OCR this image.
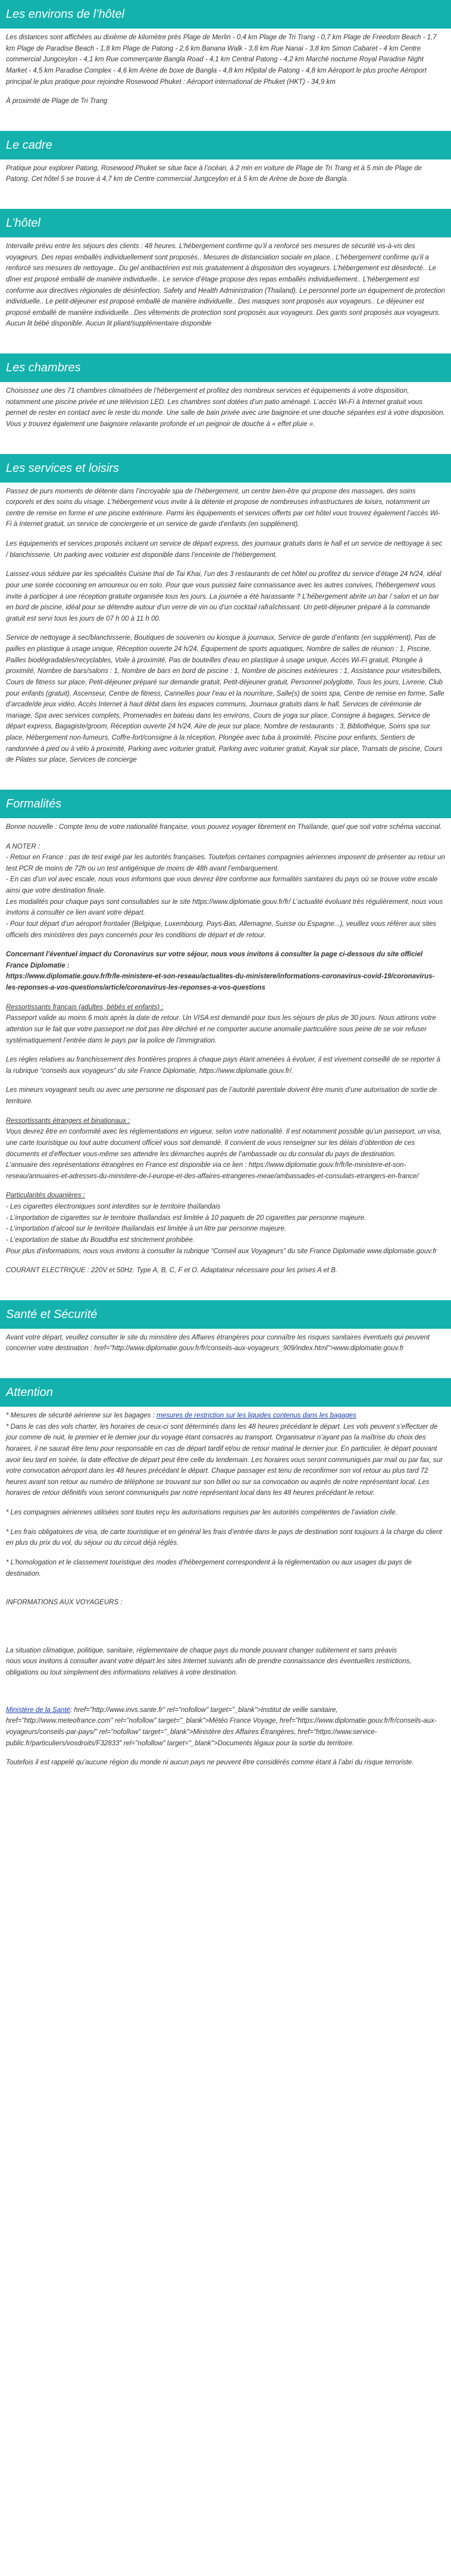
Les environs de l’hôtel

Les distances sont affichées au dixième de kilomètre près Plage de Merlin - 0,4 km Plage de Tri Trang - 0,7 km Plage de Freedom Beach - 1,7 km Plage de Paradise Beach - 1,8 km Plage de Patong - 2,6 km Banana Walk - 3,8 km Rue Nanai - 3,8 km Simon Cabaret - 4 km Centre commercial Jungceylon - 4,1 km Rue commerçante Bangla Road - 4,1 km Central Patong - 4,2 km Marché nocturne Royal Paradise Night Market - 4,5 km Paradise Complex - 4,6 km Arène de boxe de Bangla - 4,8 km Hôpital de Patong - 4,8 km Aéroport le plus proche Aéroport principal le plus pratique pour rejoindre Rosewood Phuket : Aéroport international de Phuket (HKT) - 34,9 km

À proximité de Plage de Tri Trang

Le cadre

Pratique pour explorer Patong, Rosewood Phuket se situe face à l’océan, à 2 min en voiture de Plage de Tri Trang et à 5 min de Plage de Patong. Cet hôtel 5 se trouve à 4,7 km de Centre commercial Jungceylon et à 5 km de Arène de boxe de Bangla.

L’hôtel

Intervalle prévu entre les séjours des clients : 48 heures. L’hébergement confirme qu’il a renforcé ses mesures de sécurité vis-à-vis des voyageurs. Des repas emballés individuellement sont proposés.. Mesures de distanciation sociale en place.. L’hébergement confirme qu’il a renforcé ses mesures de nettoyage.. Du gel antibactérien est mis gratuitement à disposition des voyageurs. L’hébergement est désinfecté.. Le dîner est proposé emballé de manière individuelle.. Le service d’étage propose des repas emballés individuellement.. L’hébergement est conforme aux directives régionales de désinfection. Safety and Health Administration (Thailand). Le personnel porte un équipement de protection individuelle.. Le petit-déjeuner est proposé emballé de manière individuelle.. Des masques sont proposés aux voyageurs.. Le déjeuner est proposé emballé de manière individuelle.. Des vêtements de protection sont proposés aux voyageurs. Des gants sont proposés aux voyageurs. Aucun lit bébé disponible. Aucun lit pliant/supplémentaire disponible

Les chambres

Choisissez une des 71 chambres climatisées de l’hébergement et profitez des nombreux services et équipements à votre disposition, notamment une piscine privée et une télévision LED. Les chambres sont dotées d’un patio aménagé. L’accès Wi-Fi à Internet gratuit vous permet de rester en contact avec le reste du monde. Une salle de bain privée avec une baignoire et une douche séparées est à votre disposition. Vous y trouvez également une baignoire relaxante profonde et un peignoir de douche à « effet pluie ».

Les services et loisirs

Passez de purs moments de détente dans l’incroyable spa de l’hébergement, un centre bien-être qui propose des massages, des soins corporels et des soins du visage. L’hébergement vous invite à la détente et propose de nombreuses infrastructures de loisirs, notamment un centre de remise en forme et une piscine extérieure. Parmi les équipements et services offerts par cet hôtel vous trouvez également l’accès Wi-Fi à Internet gratuit, un service de conciergerie et un service de garde d’enfants (en supplément).

Les équipements et services proposés incluent un service de départ express, des journaux gratuits dans le hall et un service de nettoyage à sec / blanchisserie. Un parking avec voiturier est disponible dans l’enceinte de l’hébergement.

Laissez-vous séduire par les spécialités Cuisine thaï de Tai Khai, l’un des 3 restaurants de cet hôtel ou profitez du service d’étage 24 h/24, idéal pour une soirée cocooning en amoureux ou en solo. Pour que vous puissiez faire connaissance avec les autres convives, l’hébergement vous invite à participer à une réception gratuite organisée tous les jours. La journée a été harassante ? L’hébergement abrite un bar / salon et un bar en bord de piscine, idéal pour se détendre autour d’un verre de vin ou d’un cocktail rafraîchissant. Un petit-déjeuner préparé à la commande gratuit est servi tous les jours de 07 h 00 à 11 h 00.

Service de nettoyage à sec/blanchisserie, Boutiques de souvenirs ou kiosque à journaux, Service de garde d’enfants (en supplément), Pas de pailles en plastique à usage unique, Réception ouverte 24 h/24, Équipement de sports aquatiques, Nombre de salles de réunion : 1, Piscine, Pailles biodégradables/recyclables, Voile à proximité, Pas de bouteilles d’eau en plastique à usage unique, Accès Wi-Fi gratuit, Plongée à proximité, Nombre de bars/salons : 1, Nombre de bars en bord de piscine : 1, Nombre de piscines extérieures : 1, Assistance pour visites/billets, Cours de fitness sur place, Petit-déjeuner préparé sur demande gratuit, Petit-déjeuner gratuit, Personnel polyglotte, Tous les jours, Livrerie, Club pour enfants (gratuit), Ascenseur, Centre de fitness, Cannelles pour l’eau et la nourriture, Salle(s) de soins spa, Centre de remise en forme, Salle d’arcade/de jeux vidéo, Accès Internet à haut débit dans les espaces communs, Journaux gratuits dans le hall, Services de cérémonie de mariage, Spa avec services complets, Promenades en bateau dans les environs, Cours de yoga sur place, Consigne à bagages, Service de départ express, Bagagiste/groom, Réception ouverte 24 h/24, Aire de jeux sur place, Nombre de restaurants : 3, Bibliothèque, Soins spa sur place, Hébergement non-fumeurs, Coffre-fort/consigne à la réception, Plongée avec tuba à proximité, Piscine pour enfants, Sentiers de randonnée à pied ou à vélo à proximité, Parking avec voiturier gratuit, Parking avec voiturier gratuit, Kayak sur place, Transats de piscine, Cours de Pilates sur place, Services de concierge

Formalités

Bonne nouvelle : Compte tenu de votre nationalité française, vous pouvez voyager librement en Thaïlande, quel que soit votre schéma vaccinal.

A NOTER :
- Retour en France : pas de test exigé par les autorités françaises. Toutefois certaines compagnies aériennes imposent de présenter au retour un test PCR de moins de 72h ou un test antigénique de moins de 48h avant l’embarquement.
- En cas d’un vol avec escale, nous vous informons que vous devrez être conforme aux formalités sanitaires du pays où se trouve votre escale ainsi que votre destination finale.
Les modalités pour chaque pays sont consultables sur le site https://www.diplomatie.gouv.fr/fr/ L’actualité évoluant très régulièrement, nous vous invitons à consulter ce lien avant votre départ.

- Pour tout départ d’un aéroport frontalier (Belgique, Luxembourg, Pays-Bas, Allemagne, Suisse ou Espagne...), veuillez vous référer aux sites officiels des ministères des pays concernés pour les conditions de départ et de retour.

Concernant l’éventuel impact du Coronavirus sur votre séjour, nous vous invitons à consulter la page ci-dessous du site officiel France Diplomatie :

https://www.diplomatie.gouv.fr/fr/le-ministere-et-son-reseau/actualites-du-ministere/informations-coronavirus-covid-19/coronavirus-les-reponses-a-vos-questions/article/coronavirus-les-reponses-a-vos-questions

Ressortissants français (adultes, bébés et enfants) :

Passeport valide au moins 6 mois après la date de retour. Un VISA est demandé pour tous les séjours de plus de 30 jours. Nous attirons votre attention sur le fait que votre passeport ne doit pas être déchiré et ne comporter aucune anomalie particulière sous peine de se voir refuser systématiquement l’entrée dans le pays par la police de l’immigration.

Les règles relatives au franchissement des frontières propres à chaque pays étant amenées à évoluer, il est vivement conseillé de se reporter à la rubrique “conseils aux voyageurs” du site France Diplomatie, https://www.diplomatie.gouv.fr/.

Les mineurs voyageant seuls ou avec une personne ne disposant pas de l’autorité parentale doivent être munis d’une autorisation de sortie de territoire.

Ressortissants étrangers et binationaux :
Vous devrez être en conformité avec les réglementations en vigueur, selon votre nationalité. Il est notamment possible qu’un passeport, un visa, une carte touristique ou tout autre document officiel vous soit demandé. Il convient de vous renseigner sur les délais d’obtention de ces documents et d’effectuer vous-même ses attendre les démarches auprès de l’ambassade ou du consulat du pays de destination.

L’annuaire des représentations étrangères en France est disponible via ce lien : https://www.diplomatie.gouv.fr/fr/le-ministere-et-son-reseau/annuaires-et-adresses-du-ministere-de-l-europe-et-des-affaires-etrangeres-meae/ambassades-et-consulats-etrangers-en-france/

Particularités douanières :

- Les cigarettes électroniques sont interdites sur le territoire thaïlandais
- L’importation de cigarettes sur le territoire thaïlandais est limitée à 10 paquets de 20 cigarettes par personne majeure.
- L’importation d’alcool sur le territoire thaïlandais est limitée à un litre par personne majeure.
- L’exportation de statue du Bouddha est strictement prohibée.
Pour plus d’informations, nous vous invitons à consulter la rubrique “Conseil aux Voyageurs” du site France Diplomatie www.diplomatie.gouv.fr

COURANT ELECTRIQUE : 220V et 50Hz. Type A, B, C, F et O. Adaptateur nécessaire pour les prises A et B.

Santé et Sécurité

Avant votre départ, veuillez consulter le site du ministère des Affaires étrangères pour connaître les risques sanitaires éventuels qui peuvent concerner votre destination : href="http://www.diplomatie.gouv.fr/fr/conseils-aux-voyageurs_909/index.html">www.diplomatie.gouv.fr

Attention
* Mesures de sécurité aérienne sur les bagages : mesures de restriction sur les liquides contenus dans les bagages

* Dans le cas des vols charter, les horaires de ceux-ci sont déterminés dans les 48 heures précédant le départ. Les vols peuvent s’effectuer de jour comme de nuit, le premier et le dernier jour du voyage étant consacrés au transport. Organisateur n’ayant pas la maîtrise du choix des horaires, il ne saurait être tenu pour responsable en cas de départ tardif et/ou de retour matinal le dernier jour. En particulier, le départ pouvant avoir lieu tard en soirée, la date effective de départ peut être celle du lendemain. Les horaires vous seront communiqués par mail ou par fax, sur votre convocation aéroport dans les 48 heures précédant le départ. Chaque passager est tenu de reconfirmer son vol retour au plus tard 72 heures avant son retour au numéro de téléphone se trouvant sur son billet ou sur sa convocation ou auprès de notre représentant local. Les horaires de retour définitifs vous seront communiqués par notre représentant local dans les 48 heures précédant le retour.

* Les compagnies aériennes utilisées sont toutes reçu les autorisations requises par les autorités compétentes de l’aviation civile.

* Les frais obligatoires de visa, de carte touristique et en général les frais d’entrée dans le pays de destination sont toujours à la charge du client en plus du prix du vol, du séjour ou du circuit déjà réglés.

* L’homologation et le classement touristique des modes d’hébergement correspondent à la réglementation ou aux usages du pays de destination.

INFORMATIONS AUX VOYAGEURS :

La situation climatique, politique, sanitaire, réglementaire de chaque pays du monde pouvant changer subitement et sans préavis
nous vous invitons à consulter avant votre départ les sites Internet suivants afin de prendre connaissance des éventuelles restrictions, obligations ou tout simplement des informations relatives à votre destination.

Ministère de la Santé: href="http://www.invs.sante.fr" rel="nofollow" target="_blank">Institut de veille sanitaire, href="http://www.meteofrance.com" rel="nofollow" target="_blank">Météo France Voyage, href="https://www.diplomatie.gouv.fr/fr/conseils-aux-voyageurs/conseils-par-pays/" rel="nofollow" target="_blank">Ministère des Affaires Étrangères, href="https://www.service-public.fr/particuliers/vosdroits/F32833" rel="nofollow" target="_blank">Documents légaux pour la sortie du territoire.

Toutefois il est rappelé qu’aucune région du monde ni aucun pays ne peuvent être considérés comme étant à l’abri du risque terroriste.
